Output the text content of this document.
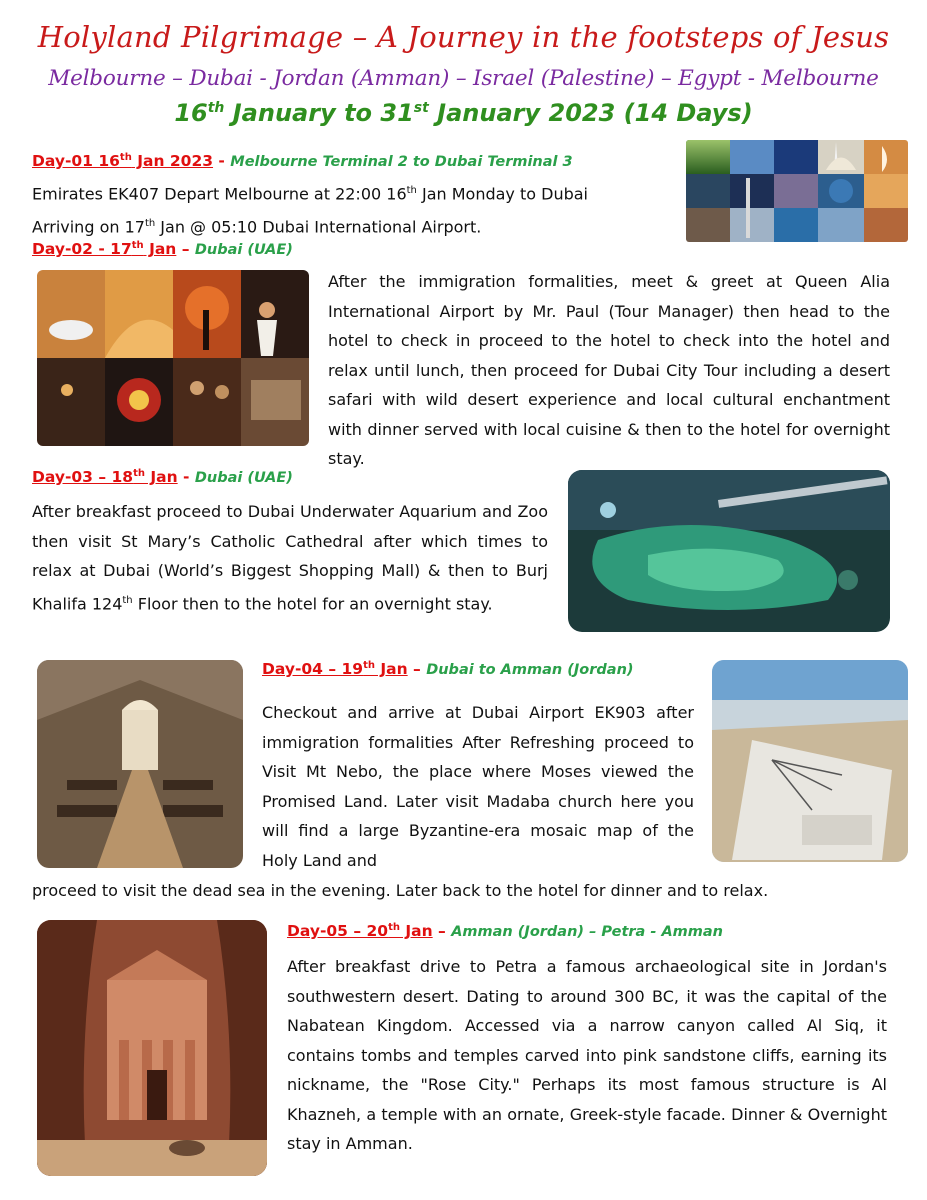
Holyland Pilgrimage – A Journey in the footsteps of Jesus
Melbourne – Dubai - Jordan (Amman) – Israel (Palestine) – Egypt - Melbourne
16th January to 31st January 2023 (14 Days)
Day-01 16th Jan 2023 - Melbourne Terminal 2 to Dubai Terminal 3
Emirates EK407 Depart Melbourne at 22:00 16th Jan Monday to Dubai
Arriving on 17th Jan @ 05:10 Dubai International Airport.
Day-02 - 17th Jan – Dubai (UAE)
After the immigration formalities, meet & greet at Queen Alia International Airport by Mr. Paul (Tour Manager) then head to the hotel to check in proceed to the hotel to check into the hotel and relax until lunch, then proceed for Dubai City Tour including a desert safari with wild desert experience and local cultural enchantment with dinner served with local cuisine & then to the hotel for overnight stay.
Day-03 – 18th Jan - Dubai (UAE)
After breakfast proceed to Dubai Underwater Aquarium and Zoo then visit St Mary’s Catholic Cathedral after which times to relax at Dubai (World’s Biggest Shopping Mall) & then to Burj Khalifa 124th Floor then to the hotel for an overnight stay.
Day-04 – 19th Jan – Dubai to Amman (Jordan)
Checkout and arrive at Dubai Airport EK903 after immigration formalities After Refreshing proceed to Visit Mt Nebo, the place where Moses viewed the Promised Land. Later visit Madaba church here you will find a large Byzantine-era mosaic map of the Holy Land and
proceed to visit the dead sea in the evening. Later back to the hotel for dinner and to relax.
Day-05 – 20th Jan – Amman (Jordan) – Petra - Amman
After breakfast drive to Petra a famous archaeological site in Jordan's southwestern desert. Dating to around 300 BC, it was the capital of the Nabatean Kingdom. Accessed via a narrow canyon called Al Siq, it contains tombs and temples carved into pink sandstone cliffs, earning its nickname, the "Rose City." Perhaps its most famous structure is Al Khazneh, a temple with an ornate, Greek-style facade. Dinner & Overnight stay in Amman.
